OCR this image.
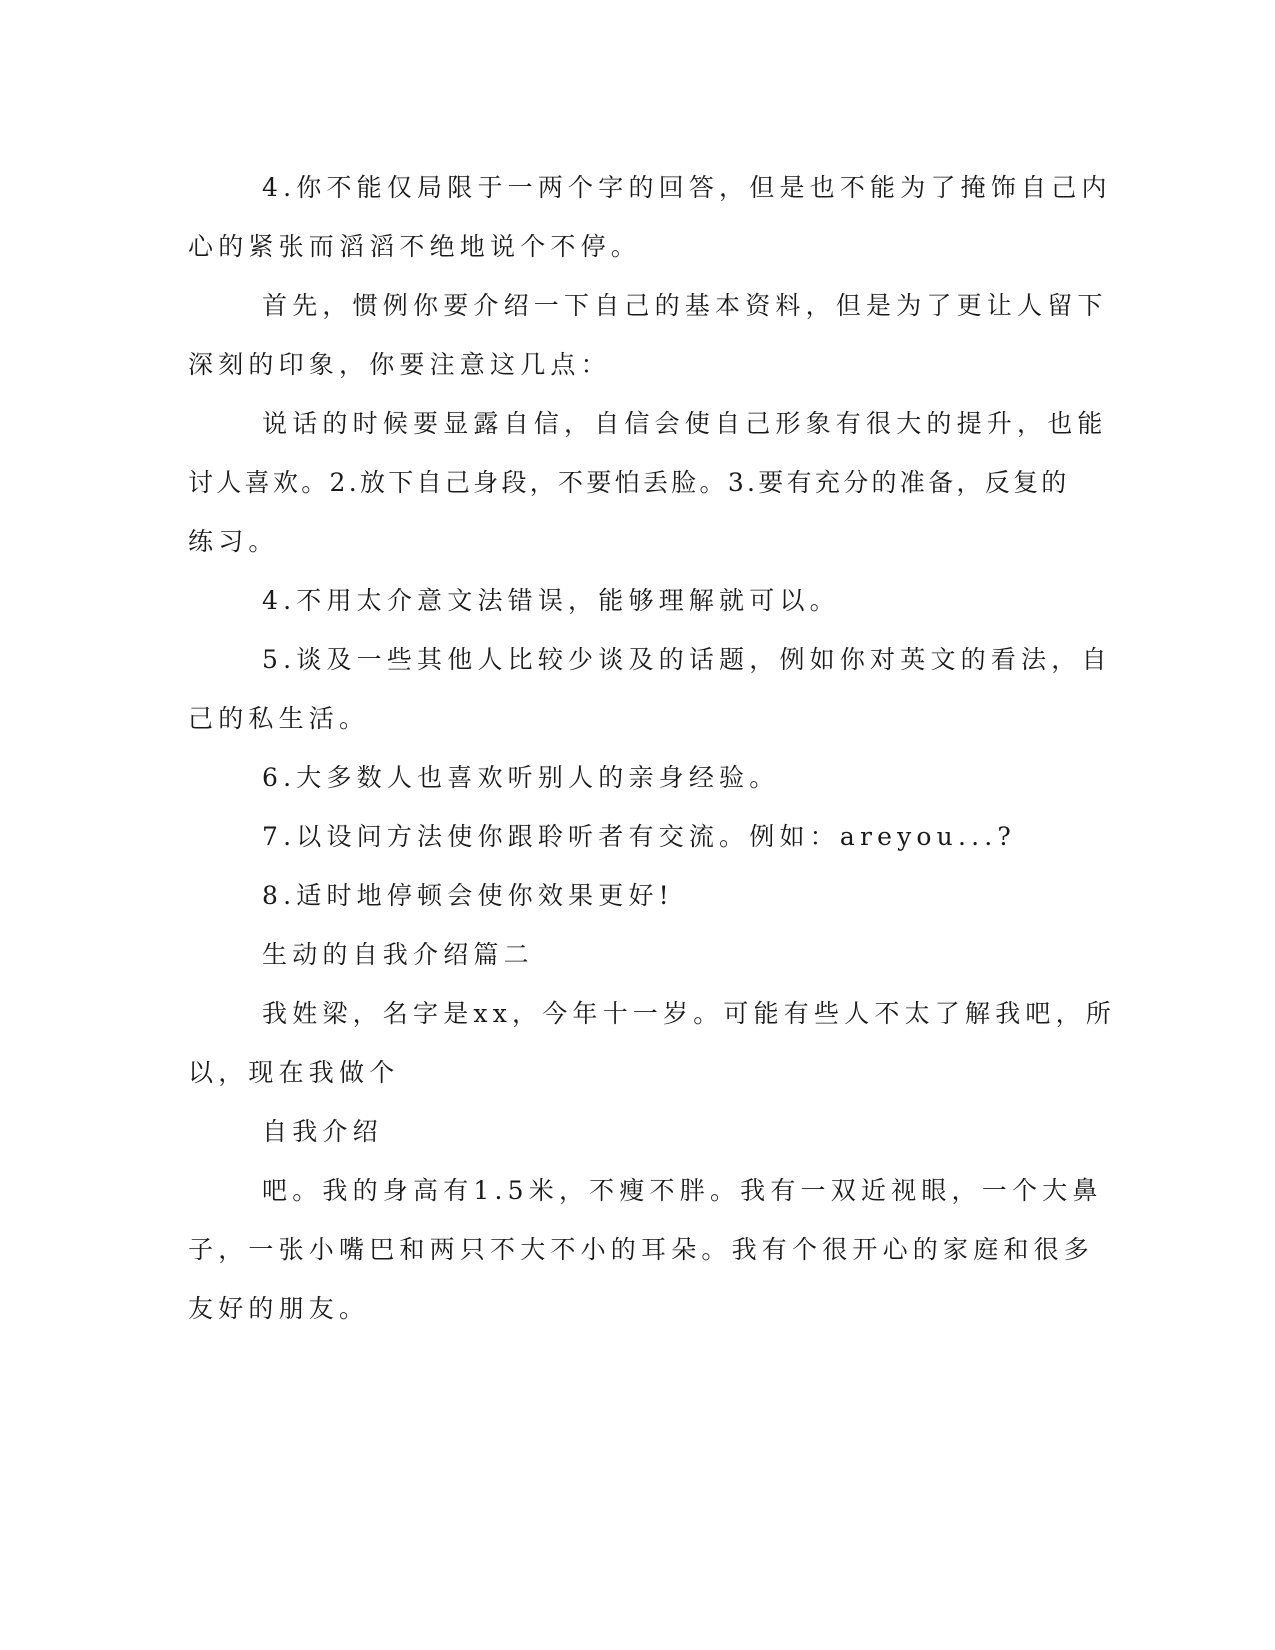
4.你不能仅局限于一两个字的回答，但是也不能为了掩饰自己内
心的紧张而滔滔不绝地说个不停。
首先，惯例你要介绍一下自己的基本资料，但是为了更让人留下
深刻的印象，你要注意这几点：
说话的时候要显露自信，自信会使自己形象有很大的提升，也能
讨人喜欢。2.放下自己身段，不要怕丢脸。3.要有充分的准备，反复的
练习。
4.不用太介意文法错误，能够理解就可以。
5.谈及一些其他人比较少谈及的话题，例如你对英文的看法，自
己的私生活。
6.大多数人也喜欢听别人的亲身经验。
7.以设问方法使你跟聆听者有交流。例如：areyou...?
8.适时地停顿会使你效果更好!
生动的自我介绍篇二
我姓梁，名字是xx，今年十一岁。可能有些人不太了解我吧，所
以，现在我做个
自我介绍
吧。我的身高有1.5米，不瘦不胖。我有一双近视眼，一个大鼻
子，一张小嘴巴和两只不大不小的耳朵。我有个很开心的家庭和很多
友好的朋友。
